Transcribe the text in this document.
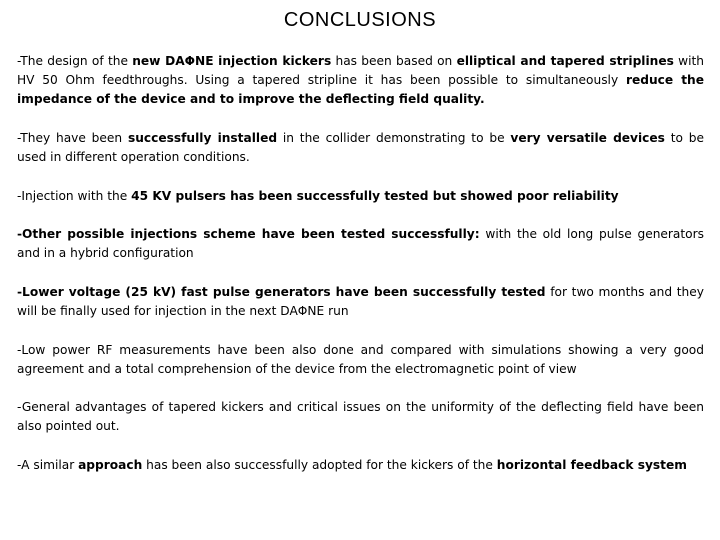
CONCLUSIONS

-The design of the new DAΦNE injection kickers has been based on elliptical and tapered striplines with HV 50 Ohm feedthroughs. Using a tapered stripline it has been possible to simultaneously reduce the impedance of the device and to improve the deflecting field quality.

-They have been successfully installed in the collider demonstrating to be very versatile devices to be used in different operation conditions.

-Injection with the 45 KV pulsers has been successfully tested but showed poor reliability

-Other possible injections scheme have been tested successfully: with the old long pulse generators and in a hybrid configuration

-Lower voltage (25 kV) fast pulse generators have been successfully tested for two months and they will be finally used for injection in the next DAΦNE run

-Low power RF measurements have been also done and compared with simulations showing a very good agreement and a total comprehension of the device from the electromagnetic point of view

-General advantages of tapered kickers and critical issues on the uniformity of the deflecting field have been also pointed out.

-A similar approach has been also successfully adopted for the kickers of the horizontal feedback system
